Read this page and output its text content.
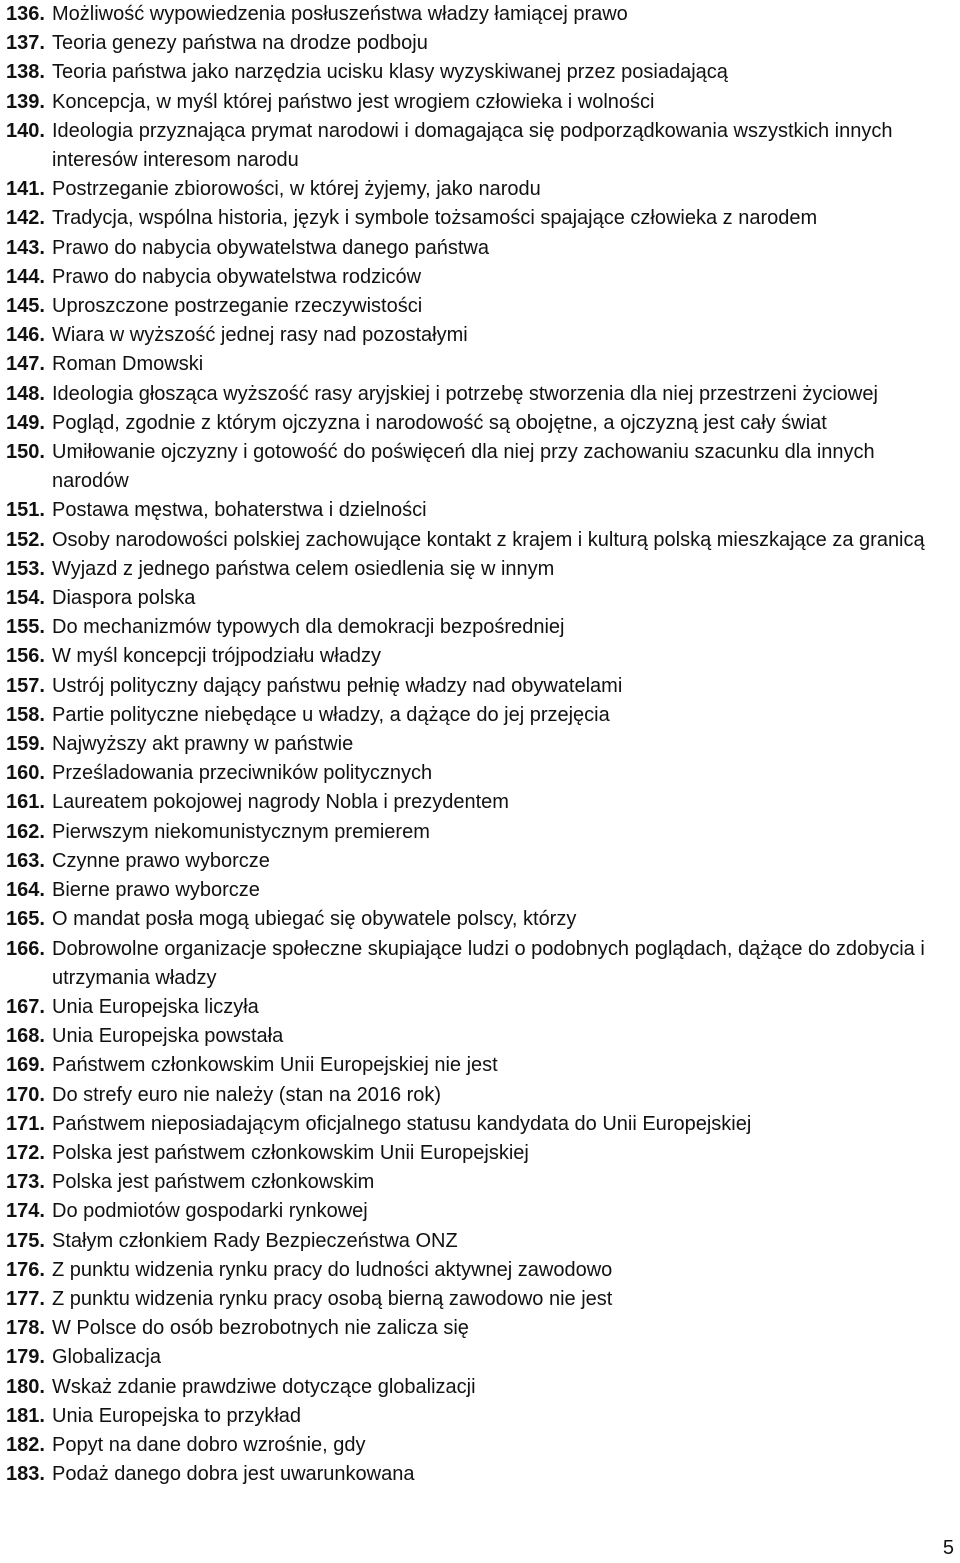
136. Możliwość wypowiedzenia posłuszeństwa władzy łamiącej prawo
137. Teoria genezy państwa na drodze podboju
138. Teoria państwa jako narzędzia ucisku klasy wyzyskiwanej przez posiadającą
139. Koncepcja, w myśl której państwo jest wrogiem człowieka i wolności
140. Ideologia przyznająca prymat narodowi i domagająca się podporządkowania wszystkich innych interesów interesom narodu
141. Postrzeganie zbiorowości, w której żyjemy, jako narodu
142. Tradycja, wspólna historia, język i symbole tożsamości spajające człowieka z narodem
143. Prawo do nabycia obywatelstwa danego państwa
144. Prawo do nabycia obywatelstwa rodziców
145. Uproszczone postrzeganie rzeczywistości
146. Wiara w wyższość jednej rasy nad pozostałymi
147. Roman Dmowski
148. Ideologia głosząca wyższość rasy aryjskiej i potrzebę stworzenia dla niej przestrzeni życiowej
149. Pogląd, zgodnie z którym ojczyzna i narodowość są obojętne, a ojczyzną jest cały świat
150. Umiłowanie ojczyzny i gotowość do poświęceń dla niej przy zachowaniu szacunku dla innych narodów
151. Postawa męstwa, bohaterstwa i dzielności
152. Osoby narodowości polskiej zachowujące kontakt z krajem i kulturą polską mieszkające za granicą
153. Wyjazd z jednego państwa celem osiedlenia się w innym
154. Diaspora polska
155. Do mechanizmów typowych dla demokracji bezpośredniej
156. W myśl koncepcji trójpodziału władzy
157. Ustrój polityczny dający państwu pełnię władzy nad obywatelami
158. Partie polityczne niebędące u władzy, a dążące do jej przejęcia
159. Najwyższy akt prawny w państwie
160. Prześladowania przeciwników politycznych
161. Laureatem pokojowej nagrody Nobla i prezydentem
162. Pierwszym niekomunistycznym premierem
163. Czynne prawo wyborcze
164. Bierne prawo wyborcze
165. O mandat posła mogą ubiegać się obywatele polscy, którzy
166. Dobrowolne organizacje społeczne skupiające ludzi o podobnych poglądach, dążące do zdobycia i utrzymania władzy
167. Unia Europejska liczyła
168. Unia Europejska powstała
169. Państwem członkowskim Unii Europejskiej nie jest
170. Do strefy euro nie należy (stan na 2016 rok)
171. Państwem nieposiadającym oficjalnego statusu kandydata do Unii Europejskiej
172. Polska jest państwem członkowskim Unii Europejskiej
173. Polska jest państwem członkowskim
174. Do podmiotów gospodarki rynkowej
175. Stałym członkiem Rady Bezpieczeństwa ONZ
176. Z punktu widzenia rynku pracy do ludności aktywnej zawodowo
177. Z punktu widzenia rynku pracy osobą bierną zawodowo nie jest
178. W Polsce do osób bezrobotnych nie zalicza się
179. Globalizacja
180. Wskaż zdanie prawdziwe dotyczące globalizacji
181. Unia Europejska to przykład
182. Popyt na dane dobro wzrośnie, gdy
183. Podaż danego dobra jest uwarunkowana
5
